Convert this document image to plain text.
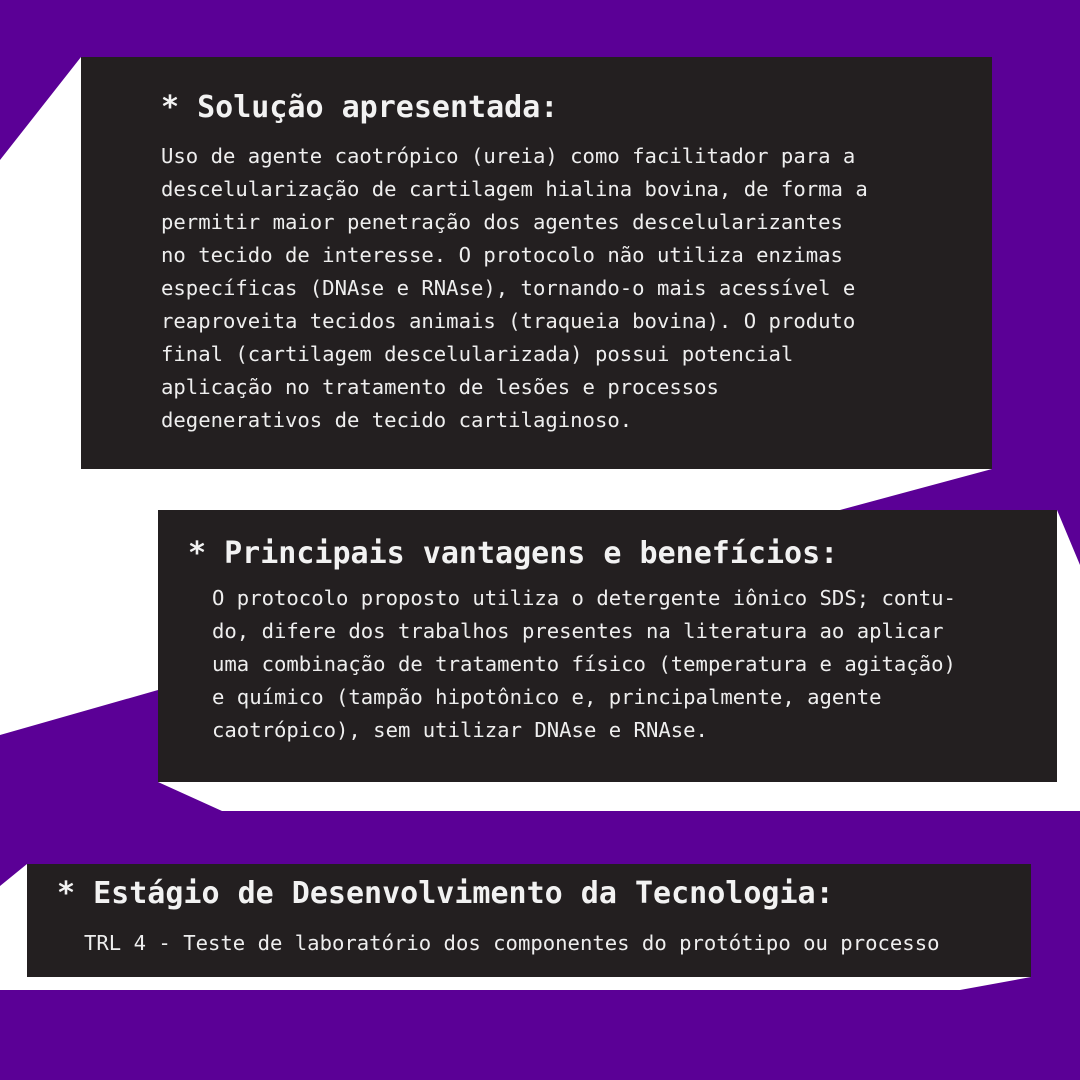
* Solução apresentada:

Uso de agente caotrópico (ureia) como facilitador para a
descelularização de cartilagem hialina bovina, de forma a
permitir maior penetração dos agentes descelularizantes
no tecido de interesse. O protocolo não utiliza enzimas
específicas (DNAse e RNAse), tornando-o mais acessível e
reaproveita tecidos animais (traqueia bovina). O produto
final (cartilagem descelularizada) possui potencial
aplicação no tratamento de lesões e processos
degenerativos de tecido cartilaginoso.

* Principais vantagens e benefícios:

O protocolo proposto utiliza o detergente iônico SDS; contu-
do, difere dos trabalhos presentes na literatura ao aplicar
uma combinação de tratamento físico (temperatura e agitação)
e químico (tampão hipotônico e, principalmente, agente
caotrópico), sem utilizar DNAse e RNAse.

* Estágio de Desenvolvimento da Tecnologia:

TRL 4 - Teste de laboratório dos componentes do protótipo ou processo
